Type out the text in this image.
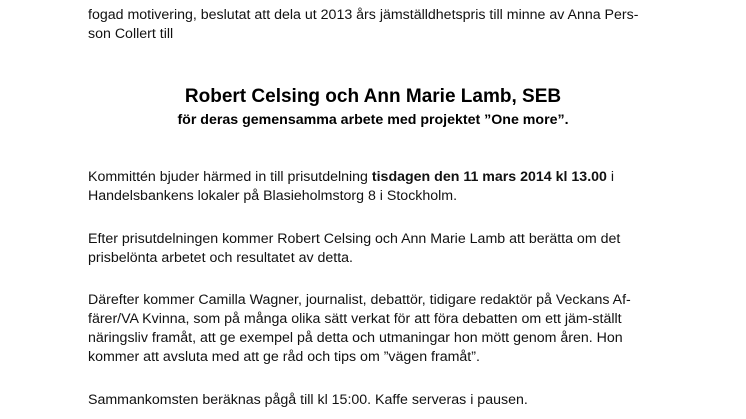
fogad motivering, beslutat att dela ut 2013 års jämställdhetspris till minne av Anna Pers-
son Collert till
Robert Celsing och Ann Marie Lamb, SEB
för deras gemensamma arbete med projektet ”One more”.
Kommittén bjuder härmed in till prisutdelning tisdagen den 11 mars 2014 kl 13.00 i
Handelsbankens lokaler på Blasieholmstorg 8 i Stockholm.
Efter prisutdelningen kommer Robert Celsing och Ann Marie Lamb att berätta om det
prisbelönta arbetet och resultatet av detta.
Därefter kommer Camilla Wagner, journalist, debattör, tidigare redaktör på Veckans Af-
färer/VA Kvinna, som på många olika sätt verkat för att föra debatten om ett jäm-ställt
näringsliv framåt, att ge exempel på detta och utmaningar hon mött genom åren. Hon
kommer att avsluta med att ge råd och tips om ”vägen framåt”.
Sammankomsten beräknas pågå till kl 15:00. Kaffe serveras i pausen.
